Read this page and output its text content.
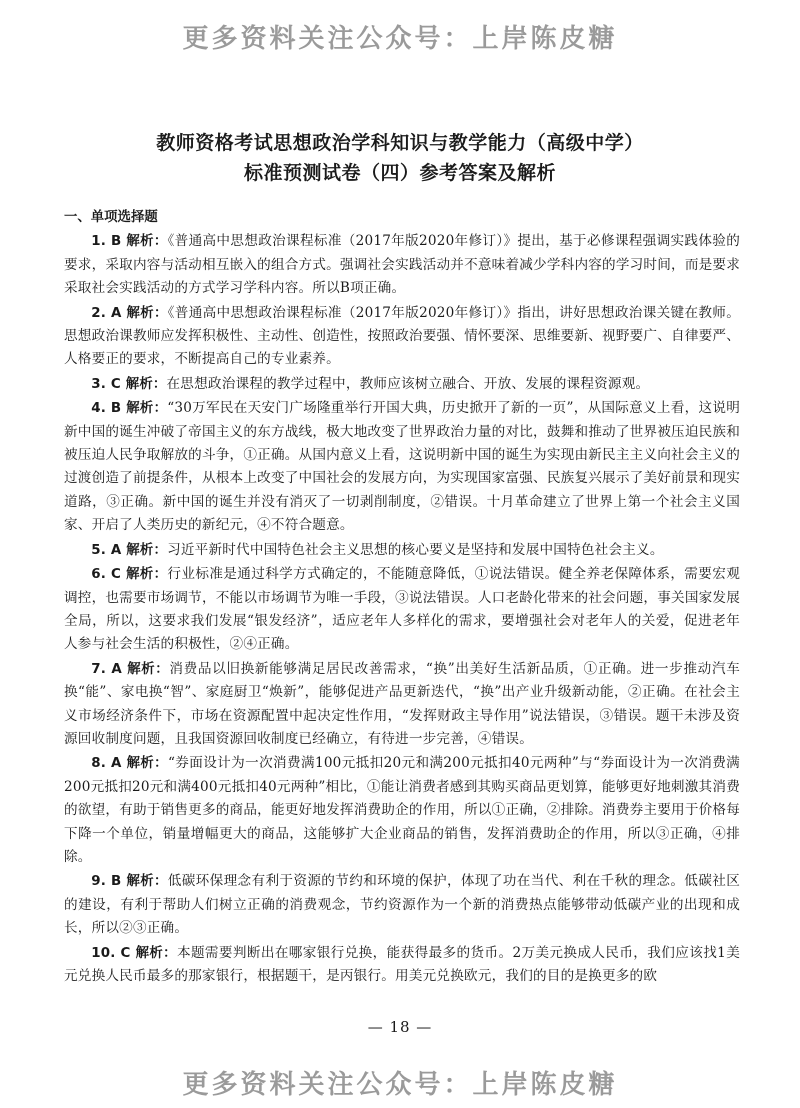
更多资料关注公众号：上岸陈皮糖
教师资格考试思想政治学科知识与教学能力（高级中学）
标准预测试卷（四）参考答案及解析
一、单项选择题

1. B 解析：《普通高中思想政治课程标准（2017年版2020年修订）》提出，基于必修课程强调实践体验的要求，采取内容与活动相互嵌入的组合方式。强调社会实践活动并不意味着减少学科内容的学习时间，而是要求采取社会实践活动的方式学习学科内容。所以B项正确。

2. A 解析：《普通高中思想政治课程标准（2017年版2020年修订）》指出，讲好思想政治课关键在教师。思想政治课教师应发挥积极性、主动性、创造性，按照政治要强、情怀要深、思维要新、视野要广、自律要严、人格要正的要求，不断提高自己的专业素养。

3. C 解析：在思想政治课程的教学过程中，教师应该树立融合、开放、发展的课程资源观。

4. B 解析：“30万军民在天安门广场隆重举行开国大典，历史掀开了新的一页”，从国际意义上看，这说明新中国的诞生冲破了帝国主义的东方战线，极大地改变了世界政治力量的对比，鼓舞和推动了世界被压迫民族和被压迫人民争取解放的斗争，①正确。从国内意义上看，这说明新中国的诞生为实现由新民主主义向社会主义的过渡创造了前提条件，从根本上改变了中国社会的发展方向，为实现国家富强、民族复兴展示了美好前景和现实道路，③正确。新中国的诞生并没有消灭了一切剥削制度，②错误。十月革命建立了世界上第一个社会主义国家、开启了人类历史的新纪元，④不符合题意。

5. A 解析：习近平新时代中国特色社会主义思想的核心要义是坚持和发展中国特色社会主义。

6. C 解析：行业标准是通过科学方式确定的，不能随意降低，①说法错误。健全养老保障体系，需要宏观调控，也需要市场调节，不能以市场调节为唯一手段，③说法错误。人口老龄化带来的社会问题，事关国家发展全局，所以，这要求我们发展“银发经济”，适应老年人多样化的需求，要增强社会对老年人的关爱，促进老年人参与社会生活的积极性，②④正确。

7. A 解析：消费品以旧换新能够满足居民改善需求，“换”出美好生活新品质，①正确。进一步推动汽车换“能”、家电换“智”、家庭厨卫“焕新”，能够促进产品更新迭代，“换”出产业升级新动能，②正确。在社会主义市场经济条件下，市场在资源配置中起决定性作用，“发挥财政主导作用”说法错误，③错误。题干未涉及资源回收制度问题，且我国资源回收制度已经确立，有待进一步完善，④错误。

8. A 解析：“券面设计为一次消费满100元抵扣20元和满200元抵扣40元两种”与“券面设计为一次消费满200元抵扣20元和满400元抵扣40元两种”相比，①能让消费者感到其购买商品更划算，能够更好地刺激其消费的欲望，有助于销售更多的商品，能更好地发挥消费助企的作用，所以①正确，②排除。消费券主要用于价格每下降一个单位，销量增幅更大的商品，这能够扩大企业商品的销售，发挥消费助企的作用，所以③正确，④排除。

9. B 解析：低碳环保理念有利于资源的节约和环境的保护，体现了功在当代、利在千秋的理念。低碳社区的建设，有利于帮助人们树立正确的消费观念，节约资源作为一个新的消费热点能够带动低碳产业的出现和成长，所以②③正确。

10. C 解析：本题需要判断出在哪家银行兑换，能获得最多的货币。2万美元换成人民币，我们应该找1美元兑换人民币最多的那家银行，根据题干，是丙银行。用美元兑换欧元，我们的目的是换更多的欧

— 18 —
更多资料关注公众号：上岸陈皮糖
